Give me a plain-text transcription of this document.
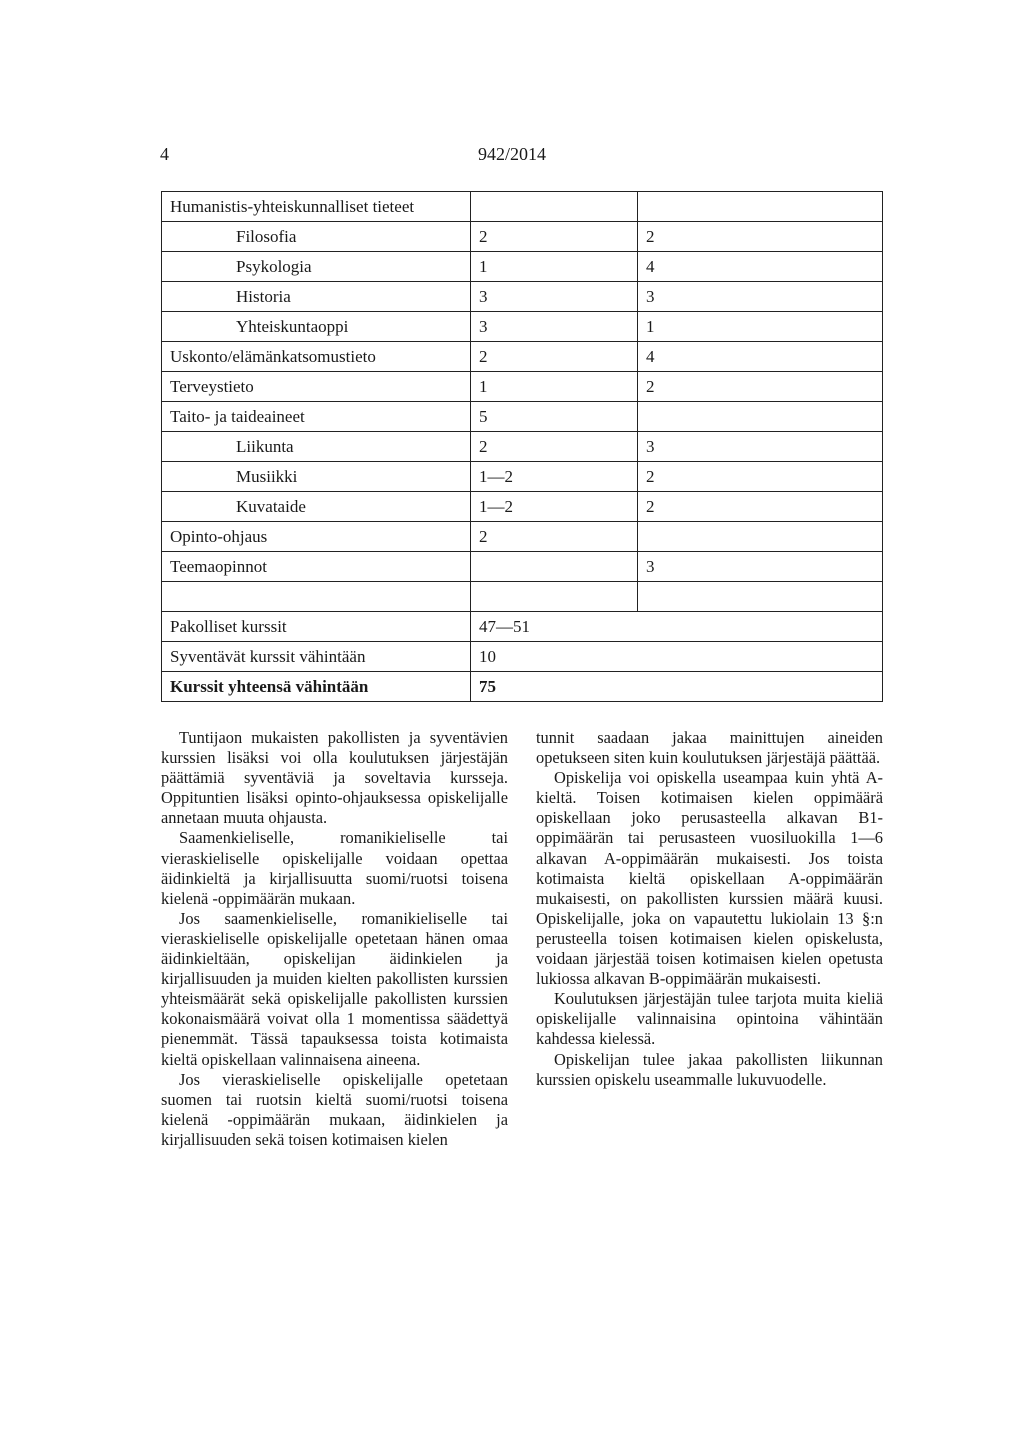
4	942/2014
Humanistis-yhteiskunnalliset tieteet		
Filosofia	2	2
Psykologia	1	4
Historia	3	3
Yhteiskuntaoppi	3	1
Uskonto/elämänkatsomustieto	2	4
Terveystieto	1	2
Taito- ja taideaineet	5	
Liikunta	2	3
Musiikki	1—2	2
Kuvataide	1—2	2
Opinto-ohjaus	2	
Teemaopinnot		3

Pakolliset kurssit	47—51	
Syventävät kurssit vähintään	10	
Kurssit yhteensä vähintään	75	

Tuntijaon mukaisten pakollisten ja syventävien kurssien lisäksi voi olla koulutuksen järjestäjän päättämiä syventäviä ja soveltavia kursseja. Oppituntien lisäksi opinto-ohjauksessa opiskelijalle annetaan muuta ohjausta.

Saamenkieliselle, romanikieliselle tai vieraskieliselle opiskelijalle voidaan opettaa äidinkieltä ja kirjallisuutta suomi/ruotsi toisena kielenä -oppimäärän mukaan.

Jos saamenkieliselle, romanikieliselle tai vieraskieliselle opiskelijalle opetetaan hänen omaa äidinkieltään, opiskelijan äidinkielen ja kirjallisuuden ja muiden kielten pakollisten kurssien yhteismäärät sekä opiskelijalle pakollisten kurssien kokonaismäärä voivat olla 1 momentissa säädettyä pienemmät. Tässä tapauksessa toista kotimaista kieltä opiskellaan valinnaisena aineena.

Jos vieraskieliselle opiskelijalle opetetaan suomen tai ruotsin kieltä suomi/ruotsi toisena kielenä -oppimäärän mukaan, äidinkielen ja kirjallisuuden sekä toisen kotimaisen kielen

tunnit saadaan jakaa mainittujen aineiden opetukseen siten kuin koulutuksen järjestäjä päättää.

Opiskelija voi opiskella useampaa kuin yhtä A-kieltä. Toisen kotimaisen kielen oppimäärä opiskellaan joko perusasteella alkavan B1-oppimäärän tai perusasteen vuosiluokilla 1—6 alkavan A-oppimäärän mukaisesti. Jos toista kotimaista kieltä opiskellaan A-oppimäärän mukaisesti, on pakollisten kurssien määrä kuusi. Opiskelijalle, joka on vapautettu lukiolain 13 §:n perusteella toisen kotimaisen kielen opiskelusta, voidaan järjestää toisen kotimaisen kielen opetusta lukiossa alkavan B-oppimäärän mukaisesti.

Koulutuksen järjestäjän tulee tarjota muita kieliä opiskelijalle valinnaisina opintoina vähintään kahdessa kielessä.

Opiskelijan tulee jakaa pakollisten liikunnan kurssien opiskelu useammalle lukuvuodelle.
